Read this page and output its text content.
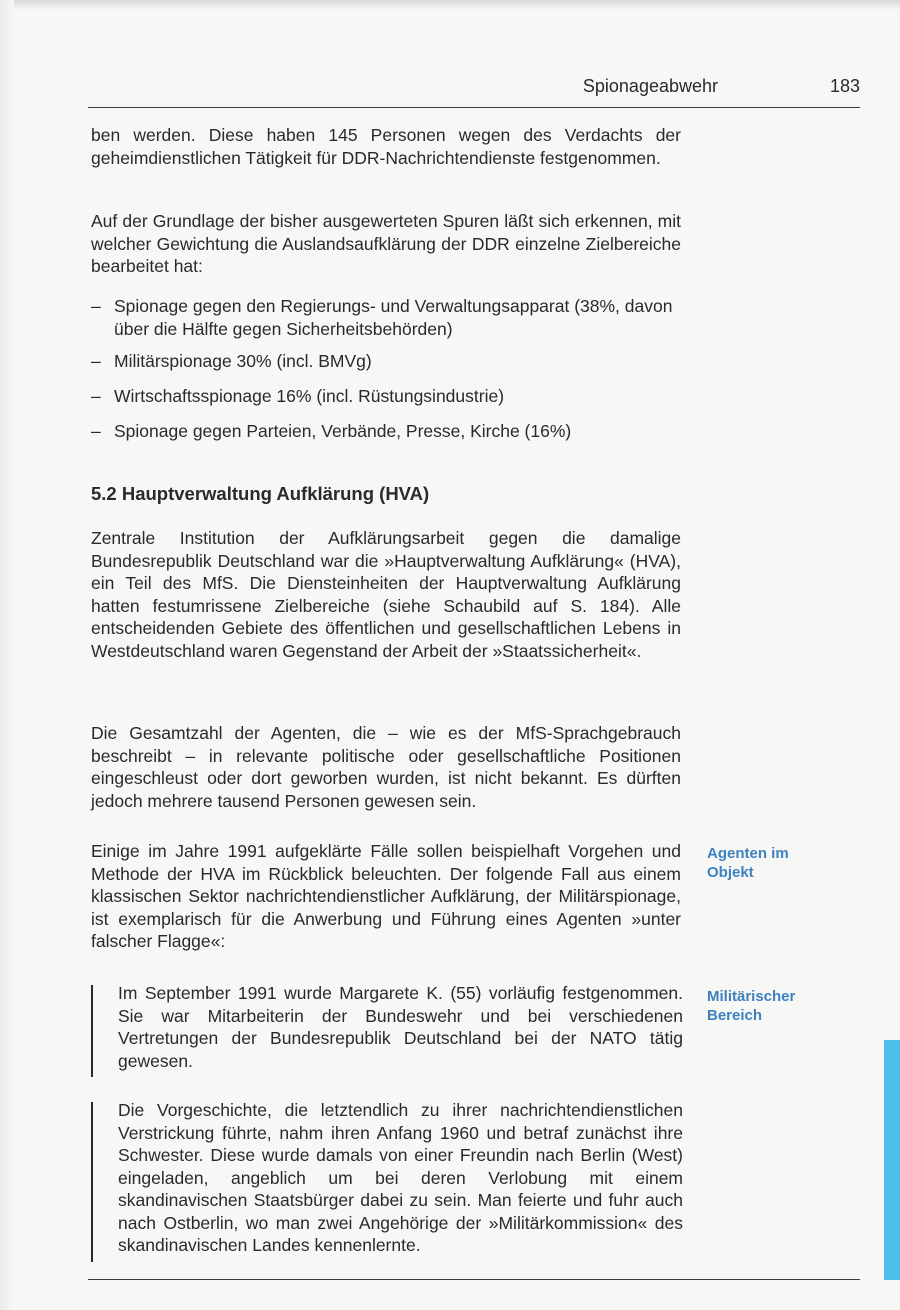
Spionageabwehr	183

ben werden. Diese haben 145 Personen wegen des Verdachts der geheimdienstlichen Tätigkeit für DDR-Nachrichtendienste festgenommen.

Auf der Grundlage der bisher ausgewerteten Spuren läßt sich erkennen, mit welcher Gewichtung die Auslandsaufklärung der DDR einzelne Zielbereiche bearbeitet hat:

– Spionage gegen den Regierungs- und Verwaltungsapparat (38%, davon über die Hälfte gegen Sicherheitsbehörden)
– Militärspionage 30% (incl. BMVg)
– Wirtschaftsspionage 16% (incl. Rüstungsindustrie)
– Spionage gegen Parteien, Verbände, Presse, Kirche (16%)
5.2 Hauptverwaltung Aufklärung (HVA)

Zentrale Institution der Aufklärungsarbeit gegen die damalige Bundesrepublik Deutschland war die »Hauptverwaltung Aufklärung« (HVA), ein Teil des MfS. Die Diensteinheiten der Hauptverwaltung Aufklärung hatten festumrissene Zielbereiche (siehe Schaubild auf S. 184). Alle entscheidenden Gebiete des öffentlichen und gesellschaftlichen Lebens in Westdeutschland waren Gegenstand der Arbeit der »Staatssicherheit«.

Die Gesamtzahl der Agenten, die – wie es der MfS-Sprachgebrauch beschreibt – in relevante politische oder gesellschaftliche Positionen eingeschleust oder dort geworben wurden, ist nicht bekannt. Es dürften jedoch mehrere tausend Personen gewesen sein.

Einige im Jahre 1991 aufgeklärte Fälle sollen beispielhaft Vorgehen und Methode der HVA im Rückblick beleuchten. Der folgende Fall aus einem klassischen Sektor nachrichtendienstlicher Aufklärung, der Militärspionage, ist exemplarisch für die Anwerbung und Führung eines Agenten »unter falscher Flagge«:

Agenten im
Objekt

Im September 1991 wurde Margarete K. (55) vorläufig festgenommen. Sie war Mitarbeiterin der Bundeswehr und bei verschiedenen Vertretungen der Bundesrepublik Deutschland bei der NATO tätig gewesen.

Militärischer
Bereich

Die Vorgeschichte, die letztendlich zu ihrer nachrichtendienstlichen Verstrickung führte, nahm ihren Anfang 1960 und betraf zunächst ihre Schwester. Diese wurde damals von einer Freundin nach Berlin (West) eingeladen, angeblich um bei deren Verlobung mit einem skandinavischen Staatsbürger dabei zu sein. Man feierte und fuhr auch nach Ostberlin, wo man zwei Angehörige der »Militärkommission« des skandinavischen Landes kennenlernte.
